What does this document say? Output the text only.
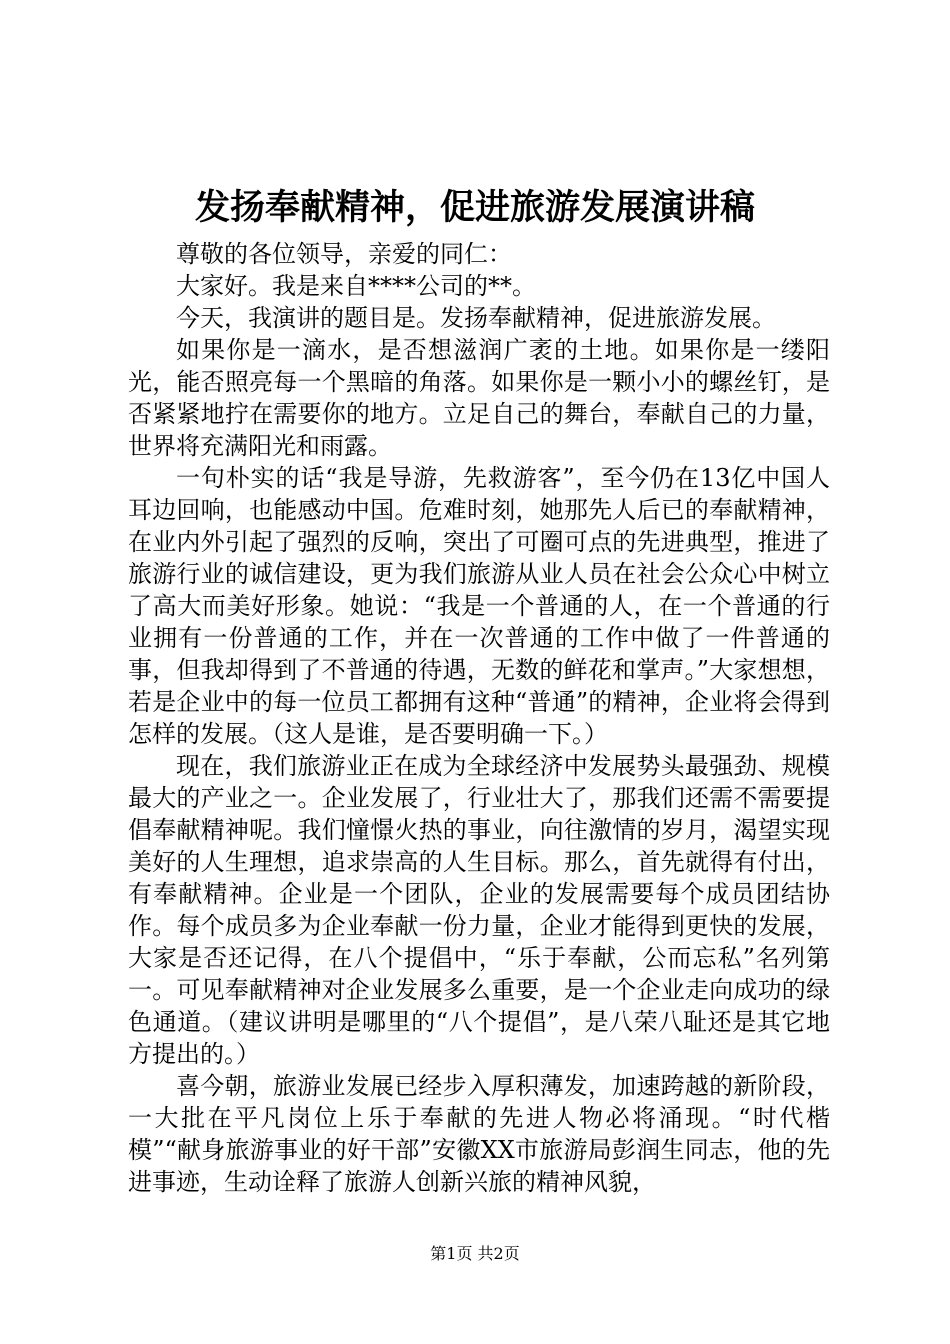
发扬奉献精神，促进旅游发展演讲稿

尊敬的各位领导，亲爱的同仁：

大家好。我是来自****公司的**。

今天，我演讲的题目是。发扬奉献精神，促进旅游发展。

如果你是一滴水，是否想滋润广袤的土地。如果你是一缕阳光，能否照亮每一个黑暗的角落。如果你是一颗小小的螺丝钉，是否紧紧地拧在需要你的地方。立足自己的舞台，奉献自己的力量，世界将充满阳光和雨露。

一句朴实的话“我是导游，先救游客”，至今仍在13亿中国人耳边回响，也能感动中国。危难时刻，她那先人后已的奉献精神，在业内外引起了强烈的反响，突出了可圈可点的先进典型，推进了旅游行业的诚信建设，更为我们旅游从业人员在社会公众心中树立了高大而美好形象。她说：“我是一个普通的人，在一个普通的行业拥有一份普通的工作，并在一次普通的工作中做了一件普通的事，但我却得到了不普通的待遇，无数的鲜花和掌声。”大家想想，若是企业中的每一位员工都拥有这种“普通”的精神，企业将会得到怎样的发展。（这人是谁，是否要明确一下。）

现在，我们旅游业正在成为全球经济中发展势头最强劲、规模最大的产业之一。企业发展了，行业壮大了，那我们还需不需要提倡奉献精神呢。我们憧憬火热的事业，向往激情的岁月，渴望实现美好的人生理想，追求崇高的人生目标。那么，首先就得有付出，有奉献精神。企业是一个团队，企业的发展需要每个成员团结协作。每个成员多为企业奉献一份力量，企业才能得到更快的发展，大家是否还记得，在八个提倡中，“乐于奉献，公而忘私”名列第一。可见奉献精神对企业发展多么重要，是一个企业走向成功的绿色通道。（建议讲明是哪里的“八个提倡”，是八荣八耻还是其它地方提出的。）

喜今朝，旅游业发展已经步入厚积薄发，加速跨越的新阶段，一大批在平凡岗位上乐于奉献的先进人物必将涌现。“时代楷模”“献身旅游事业的好干部”安徽XX市旅游局彭润生同志，他的先进事迹，生动诠释了旅游人创新兴旅的精神风貌，

第1页 共2页
